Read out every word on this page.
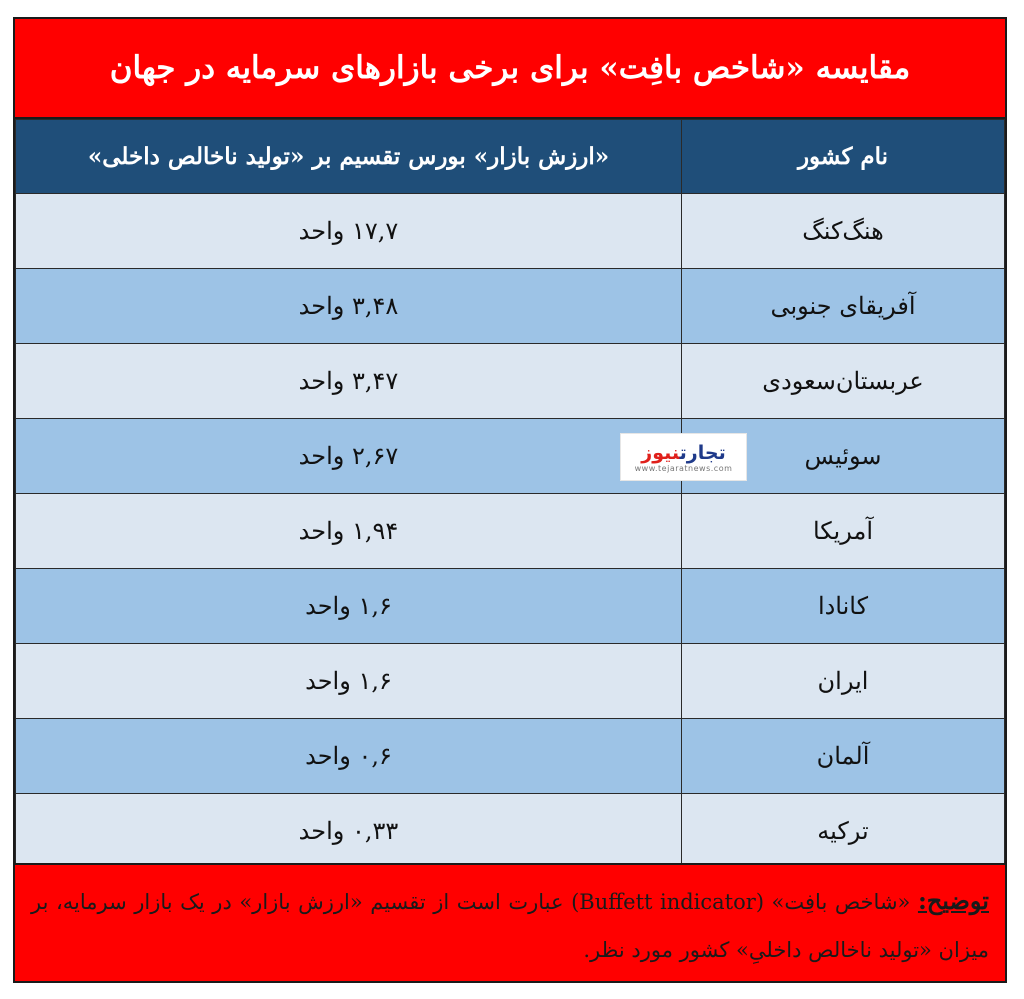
مقایسه «شاخص بافِت» برای برخی بازارهای سرمایه در جهان
نام کشور	«ارزش بازار» بورس تقسیم بر «تولید ناخالص داخلی»
هنگ‌کنگ	۱۷,۷ واحد
آفریقای جنوبی	۳,۴۸ واحد
عربستان‌سعودی	۳,۴۷ واحد
سوئیس	۲,۶۷ واحد
آمریکا	۱,۹۴ واحد
کانادا	۱,۶ واحد
ایران	۱,۶ واحد
آلمان	۰,۶ واحد
ترکیه	۰,۳۳ واحد
توضیح: «شاخص بافِت» (Buffett indicator) عبارت است از تقسیم «ارزش بازار» در یک بازار سرمایه، بر میزان «تولید ناخالص داخلیِ» کشور مورد نظر.
تجارتنیوز
www.tejaratnews.com
